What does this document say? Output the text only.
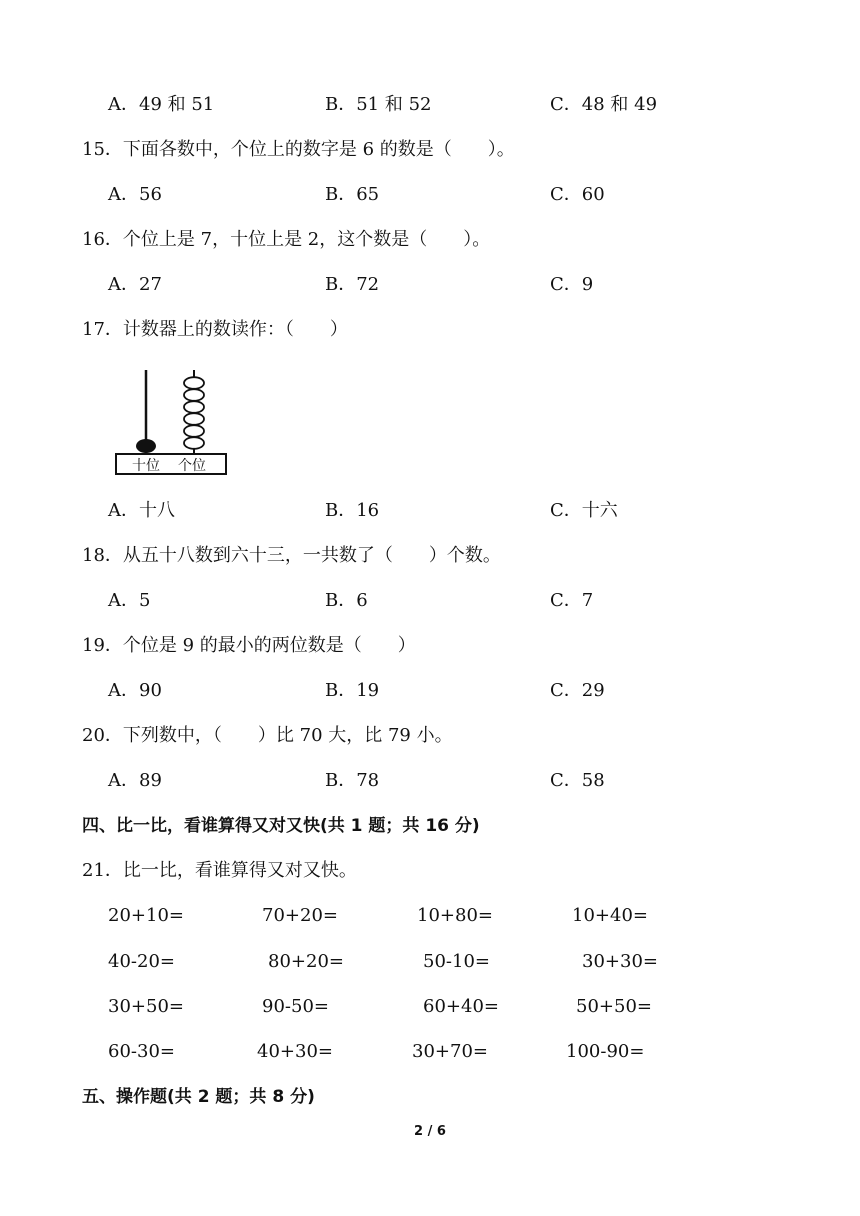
A．49 和 51	B．51 和 52	C．48 和 49
15．下面各数中，个位上的数字是 6 的数是（　　）。
A．56	B．65	C．60
16．个位上是 7，十位上是 2，这个数是（　　）。
A．27	B．72	C．9
17．计数器上的数读作：（　　）
十位 个位
A．十八	B．16	C．十六
18．从五十八数到六十三，一共数了（　　）个数。
A．5	B．6	C．7
19．个位是 9 的最小的两位数是（　　）
A．90	B．19	C．29
20．下列数中，（　　）比 70 大，比 79 小。
A．89	B．78	C．58
四、比一比，看谁算得又对又快(共 1 题；共 16 分)
21．比一比，看谁算得又对又快。
20+10=	70+20=	10+80=	10+40=
40-20=	80+20=	50-10=	30+30=
30+50=	90-50=	60+40=	50+50=
60-30=	40+30=	30+70=	100-90=
五、操作题(共 2 题；共 8 分)
2 / 6
